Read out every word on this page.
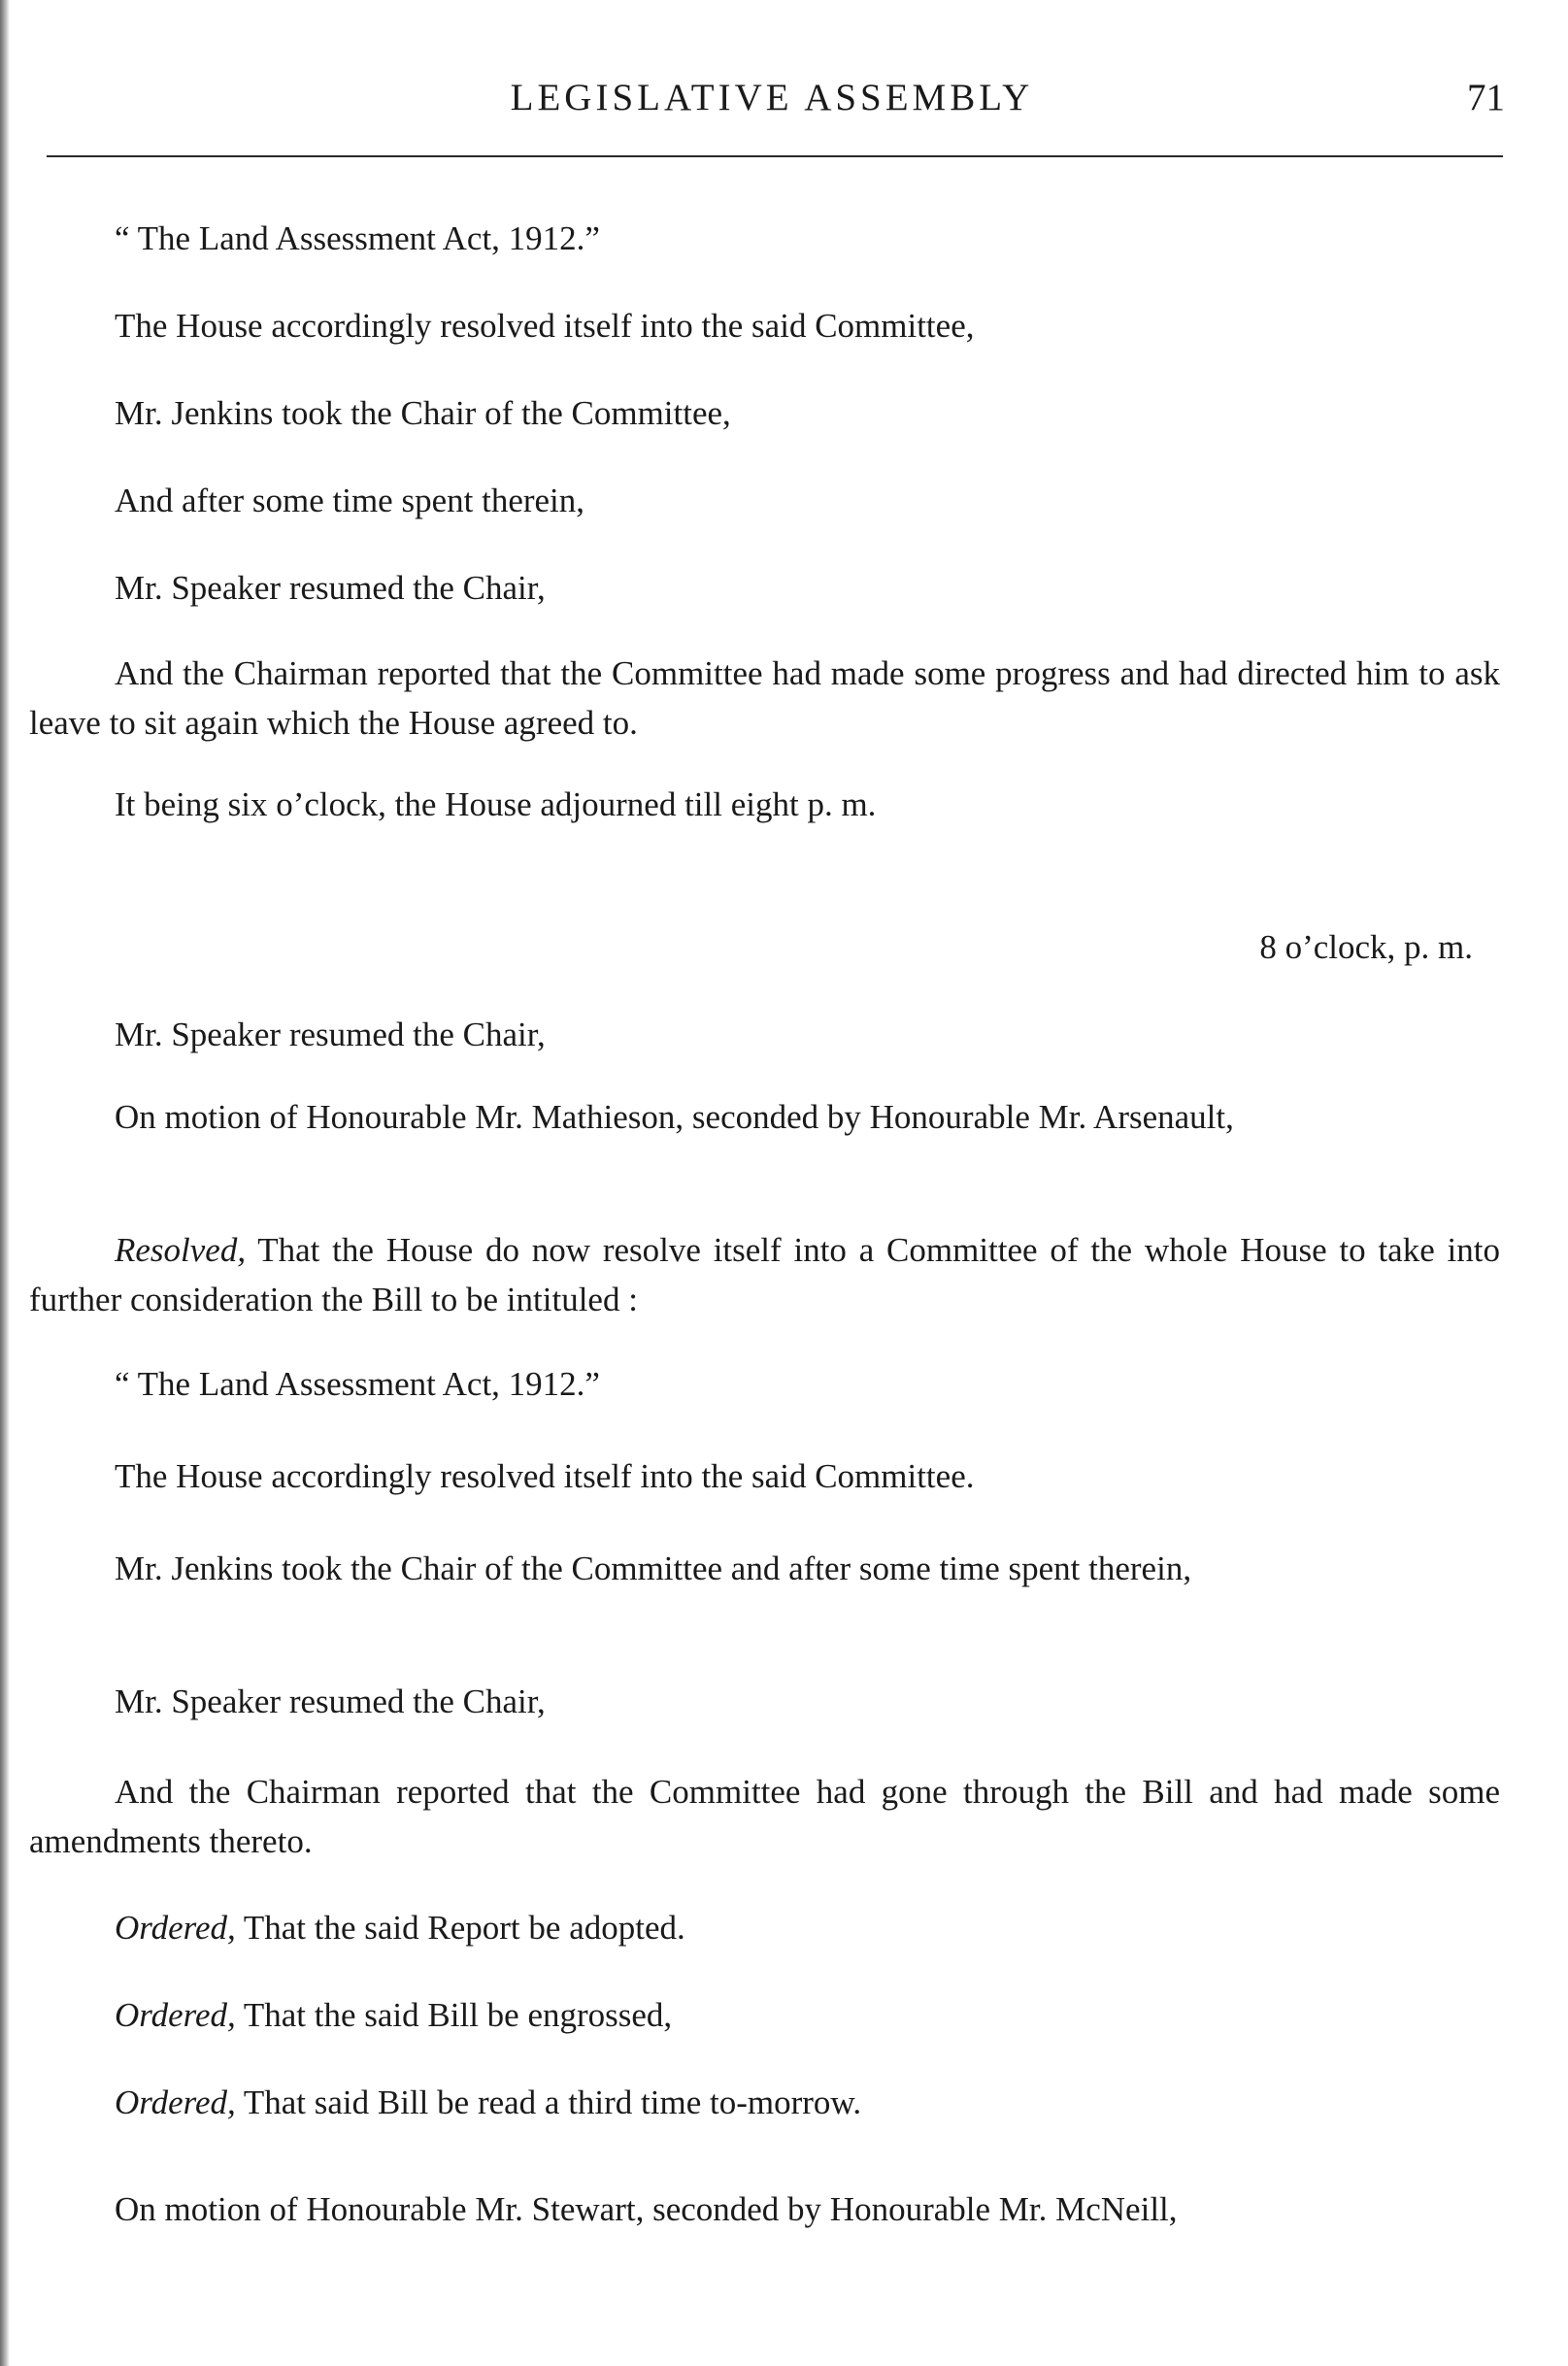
LEGISLATIVE ASSEMBLY	71

“ The Land Assessment Act, 1912.”

The House accordingly resolved itself into the said Committee,

Mr. Jenkins took the Chair of the Committee,

And after some time spent therein,

Mr. Speaker resumed the Chair,

And the Chairman reported that the Committee had made some progress and had directed him to ask leave to sit again which the House agreed to.

It being six o’clock, the House adjourned till eight p. m.

8 o’clock, p. m.

Mr. Speaker resumed the Chair,

On motion of Honourable Mr. Mathieson, seconded by Honourable Mr. Arsenault,

Resolved, That the House do now resolve itself into a Committee of the whole House to take into further consideration the Bill to be intituled :

“ The Land Assessment Act, 1912.”

The House accordingly resolved itself into the said Committee.

Mr. Jenkins took the Chair of the Committee and after some time spent therein,

Mr. Speaker resumed the Chair,

And the Chairman reported that the Committee had gone through the Bill and had made some amendments thereto.

Ordered, That the said Report be adopted.

Ordered, That the said Bill be engrossed,

Ordered, That said Bill be read a third time to-morrow.

On motion of Honourable Mr. Stewart, seconded by Honourable Mr. McNeill,
